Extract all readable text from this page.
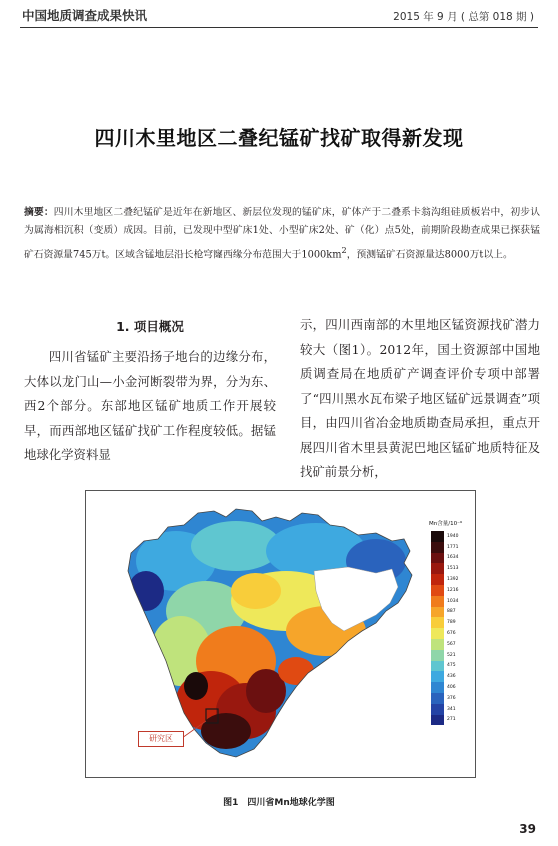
中国地质调查成果快讯	2015 年 9 月 ( 总第 018 期 )
四川木里地区二叠纪锰矿找矿取得新发现
摘要：四川木里地区二叠纪锰矿是近年在新地区、新层位发现的锰矿床，矿体产于二叠系卡翁沟组硅质板岩中，初步认为属海相沉积（变质）成因。目前，已发现中型矿床1处、小型矿床2处、矿（化）点5处，前期阶段勘查成果已探获锰矿石资源量745万t。区域含锰地层沿长枪穹窿西缘分布范围大于$1000km^2$，预测锰矿石资源量达8000万t以上。
1. 项目概况

四川省锰矿主要沿扬子地台的边缘分布，大体以龙门山—小金河断裂带为界，分为东、西2个部分。东部地区锰矿地质工作开展较早，而西部地区锰矿找矿工作程度较低。据锰地球化学资料显

示，四川西南部的木里地区锰资源找矿潜力较大（图1）。2012年，国土资源部中国地质调查局在地质矿产调查评价专项中部署了“四川黑水瓦布梁子地区锰矿远景调查”项目，由四川省冶金地质勘查局承担，重点开展四川省木里县黄泥巴地区锰矿地质特征及找矿前景分析，

研究区
Mn含量/10⁻⁶
1940
1771
1634
1513
1392
1216
1034
887
789
676
567
521
475
436
406
376
341
271
图1　四川省Mn地球化学图
39
